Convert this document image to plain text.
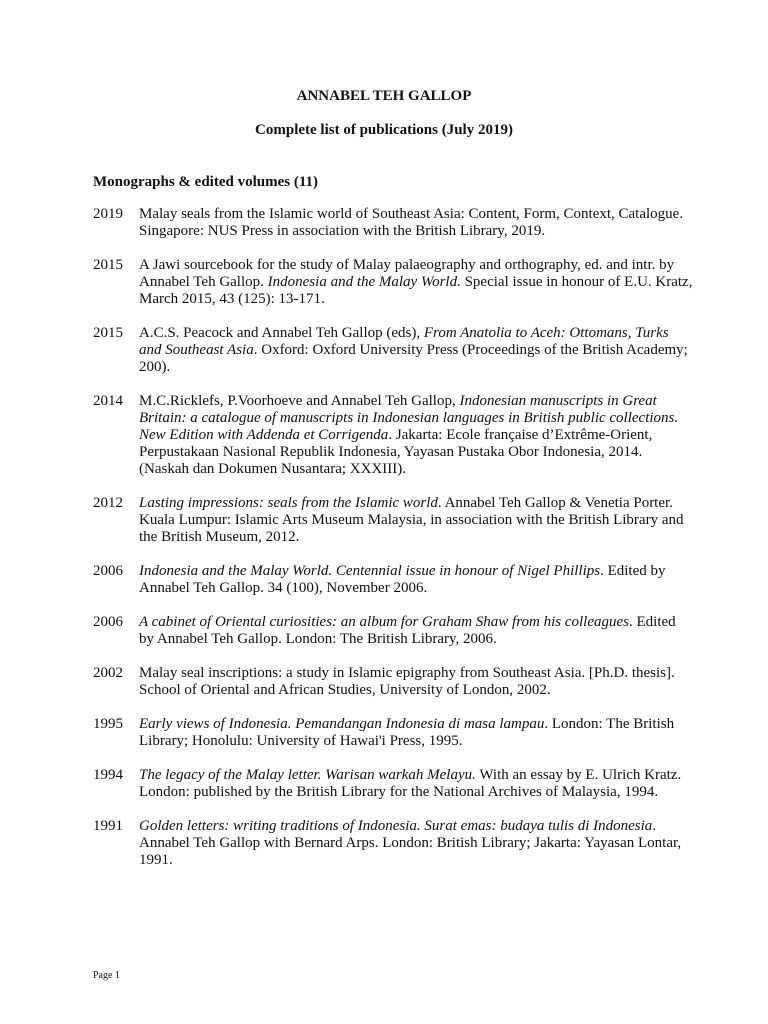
ANNABEL TEH GALLOP
Complete list of publications (July 2019)
Monographs & edited volumes (11)
2019	Malay seals from the Islamic world of Southeast Asia: Content, Form, Context, Catalogue. Singapore: NUS Press in association with the British Library, 2019.
2015	A Jawi sourcebook for the study of Malay palaeography and orthography, ed. and intr. by Annabel Teh Gallop. Indonesia and the Malay World. Special issue in honour of E.U. Kratz, March 2015, 43 (125): 13-171.
2015	A.C.S. Peacock and Annabel Teh Gallop (eds), From Anatolia to Aceh: Ottomans, Turks and Southeast Asia. Oxford: Oxford University Press (Proceedings of the British Academy; 200).
2014	M.C.Ricklefs, P.Voorhoeve and Annabel Teh Gallop, Indonesian manuscripts in Great Britain: a catalogue of manuscripts in Indonesian languages in British public collections. New Edition with Addenda et Corrigenda. Jakarta: Ecole française d’Extrême-Orient, Perpustakaan Nasional Republik Indonesia, Yayasan Pustaka Obor Indonesia, 2014. (Naskah dan Dokumen Nusantara; XXXIII).
2012	Lasting impressions: seals from the Islamic world. Annabel Teh Gallop & Venetia Porter. Kuala Lumpur: Islamic Arts Museum Malaysia, in association with the British Library and the British Museum, 2012.
2006	Indonesia and the Malay World. Centennial issue in honour of Nigel Phillips. Edited by Annabel Teh Gallop. 34 (100), November 2006.
2006	A cabinet of Oriental curiosities: an album for Graham Shaw from his colleagues. Edited by Annabel Teh Gallop. London: The British Library, 2006.
2002	Malay seal inscriptions: a study in Islamic epigraphy from Southeast Asia. [Ph.D. thesis]. School of Oriental and African Studies, University of London, 2002.
1995	Early views of Indonesia. Pemandangan Indonesia di masa lampau. London: The British Library; Honolulu: University of Hawai'i Press, 1995.
1994	The legacy of the Malay letter. Warisan warkah Melayu. With an essay by E. Ulrich Kratz. London: published by the British Library for the National Archives of Malaysia, 1994.
1991	Golden letters: writing traditions of Indonesia. Surat emas: budaya tulis di Indonesia. Annabel Teh Gallop with Bernard Arps. London: British Library; Jakarta: Yayasan Lontar, 1991.
Page 1
